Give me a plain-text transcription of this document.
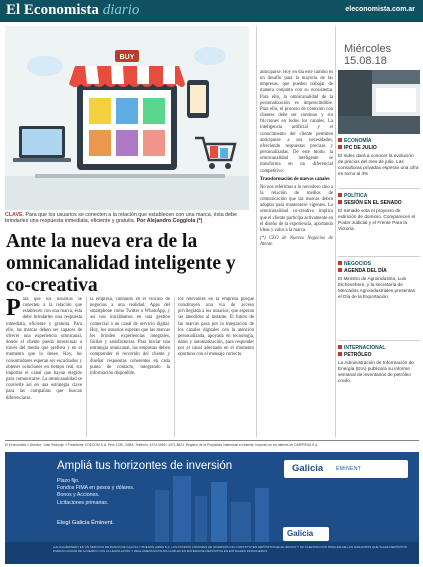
El Economista diario	eleconomista.com.ar
BUY
CLAVE. Para que los usuarios se conecten a la relación que establecen con una marca, ésta debe brindarles una respuesta inmediata, eficiente y gratuita. Por Alejandro Coggiola (*)
Ante la nueva era de la omnicanalidad inteligente y co-creativa
Para que los usuarios se conecten a la relación que establecen con una marca, ésta debe brindarles una respuesta inmediata, eficiente y gratuita. Para ello, las marcas deben ser capaces de ofrecer una experiencia omnicanal, donde el cliente pueda interactuar a través del medio que prefiera y en el momento que lo desee. Hoy, los consumidores esperan ser escuchados y obtener soluciones en tiempo real, sin importar el canal que hayan elegido para comunicarse. La omnicanalidad se convierte así en una estrategia clave para las compañías que buscan diferenciarse.
la empresa, contando en el vínculo de negocios a una realidad. Apps del smartphone como Twitter o WhatsApp, y así nos iniciábamos en una gestión comercial a un canal de servicio digital. Hoy, los usuarios esperan que las marcas les brinden experiencias integrales, fáciles y satisfactorias. Para iniciar una estrategia omnicanal, las empresas deben comprender el recorrido del cliente y diseñar respuestas coherentes en cada punto de contacto, integrando la información disponible.
los relevantes en la empresa porque constituyen una vía de acceso privilegiada a los usuarios, que esperan ser atendidos al instante. El futuro de las marcas pasa por la integración de los canales digitales con la atención personalizada, apoyada en tecnología, datos y automatización, para responder por el canal adecuado en el momento oportuno con el mensaje correcto.

anticiparse. Hoy en día este camino es un desafío para la mayoría de las empresas, que pueden trabajar de manera conjunta con su ecosistema. Para ello, la omnicanalidad de la personalización es imprescindible. Para ello, el proceso de conexión con clientes debe ser continuo y sin fricciones en todos los canales. La inteligencia artificial y el conocimiento del cliente permiten anticiparse a sus necesidades, ofreciendo respuestas precisas y personalizadas. De este modo, la omnicanalidad inteligente se transforma en un diferencial competitivo.

Transformación de nuevos canales

No nos referimos a lo novedoso sino a la relación de medios de comunicación que las marcas deben adoptar para mantenerse vigentes. La omnicanalidad co-creativa implica que el cliente participa activamente en el diseño de la experiencia, aportando ideas y valor a la marca.

(*) CEO de Nuevos Negocios de Atento

Miércoles
15.08.18
ECONOMÍA
IPC DE JULIO
El Indec dará a conocer la evolución de precios del mes de julio. Las consultoras privadas esperan una cifra en torno al 3%.
POLÍTICA
SESIÓN EN EL SENADO
El Senado vota el proyecto de extinción de dominio. Comparecen el Poder Judicial y el Frente Para la Victoria.
NEGOCIOS
AGENDA DEL DÍA
El Ministro de Agroindustria, Luis Etchevehere, y la secretaría de Mercados Agroindustriales presentan el Día de la Exportación.
INTERNACIONAL
PETRÓLEO
La Administración de Información de Energía (EIA) publicará su informe semanal de inventarios de petróleo crudo.
El Economista // Director: Juan Radonjic // Presidente: EDECOM S.A. Perú 1139, CABA. Teléfono: 4374-0969 / 4371-8624. Registro de la Propiedad Intelectual en trámite. Impreso en los talleres de CIMPRESA S.A.
Ampliá tus horizontes de inversión
Plazo fijo.
Fondos FIMA en pesos y dólares.
Bonos y Acciones.
Licitaciones primarias.
Elegí Galicia Éminent.
Galicia	ÉMINENT
Galicia
GALICIA ÉMINENT ES UN SERVICIO DE BANCO DE GALICIA Y BUENOS AIRES S.A. LOS FONDOS COMUNES DE INVERSIÓN NO CONSTITUYEN DEPÓSITOS EN EL BANCO Y NO CUENTAN CON NINGUNA DE LAS GARANTÍAS QUE TALES DEPÓSITOS PUEDAN GOZAR DE ACUERDO CON LA LEGISLACIÓN Y REGLAMENTACIÓN APLICABLES EN MATERIA DE DEPÓSITOS EN ENTIDADES FINANCIERAS.
